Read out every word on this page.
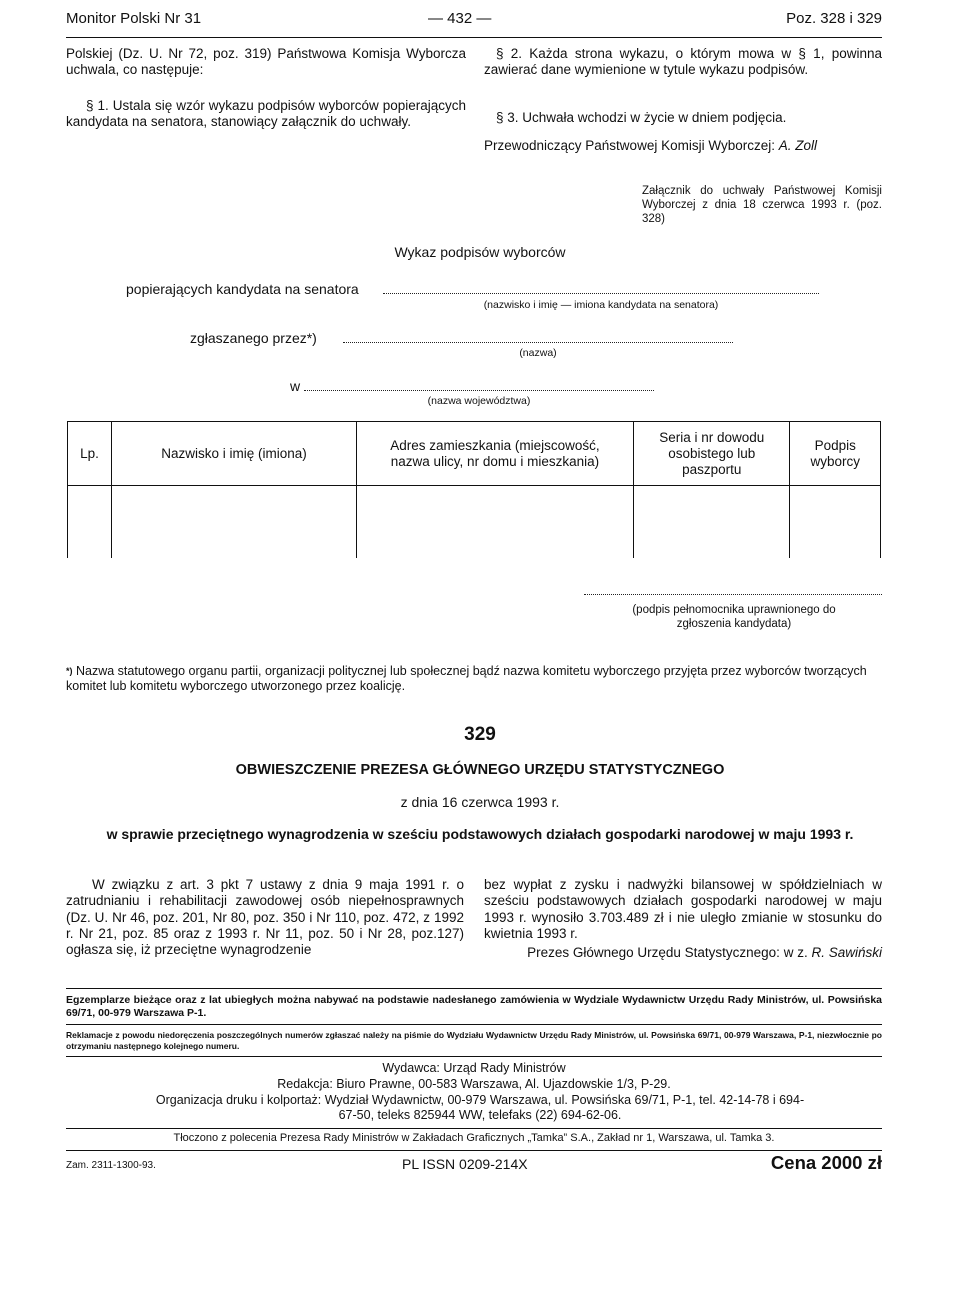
Monitor Polski Nr 31	— 432 —	Poz. 328 i 329

Polskiej (Dz. U. Nr 72, poz. 319) Państwowa Komisja Wyborcza uchwala, co następuje:

§ 1. Ustala się wzór wykazu podpisów wyborców popierających kandydata na senatora, stanowiący załącznik do uchwały.

§ 2. Każda strona wykazu, o którym mowa w § 1, powinna zawierać dane wymienione w tytule wykazu podpisów.

§ 3. Uchwała wchodzi w życie w dniem podjęcia.

Przewodniczący Państwowej Komisji Wyborczej: A. Zoll

Załącznik do uchwały Państwowej Komisji Wyborczej z dnia 18 czerwca 1993 r. (poz. 328)

Wykaz podpisów wyborców
popierających kandydata na senatora
(nazwisko i imię — imiona kandydata na senatora)
zgłaszanego przez*)
(nazwa)
w
(nazwa województwa)
Lp.	Nazwisko i imię (imiona)	Adres zamieszkania (miejscowość, nazwa ulicy, nr domu i mieszkania)	Seria i nr dowodu osobistego lub paszportu	Podpis wyborcy

(podpis pełnomocnika uprawnionego do zgłoszenia kandydata)
*) Nazwa statutowego organu partii, organizacji politycznej lub społecznej bądź nazwa komitetu wyborczego przyjęta przez wyborców tworzących komitet lub komitetu wyborczego utworzonego przez koalicję.
329
OBWIESZCZENIE PREZESA GŁÓWNEGO URZĘDU STATYSTYCZNEGO
z dnia 16 czerwca 1993 r.
w sprawie przeciętnego wynagrodzenia w sześciu podstawowych działach gospodarki narodowej w maju 1993 r.

W związku z art. 3 pkt 7 ustawy z dnia 9 maja 1991 r. o zatrudnianiu i rehabilitacji zawodowej osób niepełnosprawnych (Dz. U. Nr 46, poz. 201, Nr 80, poz. 350 i Nr 110, poz. 472, z 1992 r. Nr 21, poz. 85 oraz z 1993 r. Nr 11, poz. 50 i Nr 28, poz.127) ogłasza się, iż przeciętne wynagrodzenie

bez wypłat z zysku i nadwyżki bilansowej w spółdzielniach w sześciu podstawowych działach gospodarki narodowej w maju 1993 r. wynosiło 3.703.489 zł i nie uległo zmianie w stosunku do kwietnia 1993 r.

Prezes Głównego Urzędu Statystycznego: w z. R. Sawiński

Egzemplarze bieżące oraz z lat ubiegłych można nabywać na podstawie nadesłanego zamówienia w Wydziale Wydawnictw Urzędu Rady Ministrów, ul. Powsińska 69/71, 00-979 Warszawa P-1.

Reklamacje z powodu niedoręczenia poszczególnych numerów zgłaszać należy na piśmie do Wydziału Wydawnictw Urzędu Rady Ministrów, ul. Powsińska 69/71, 00-979 Warszawa, P-1, niezwłocznie po otrzymaniu następnego kolejnego numeru.

Wydawca: Urząd Rady Ministrów
Redakcja: Biuro Prawne, 00-583 Warszawa, Al. Ujazdowskie 1/3, P-29.
Organizacja druku i kolportaż: Wydział Wydawnictw, 00-979 Warszawa, ul. Powsińska 69/71, P-1, tel. 42-14-78 i 694-67-50, teleks 825944 WW, telefaks (22) 694-62-06.
Tłoczono z polecenia Prezesa Rady Ministrów w Zakładach Graficznych „Tamka” S.A., Zakład nr 1, Warszawa, ul. Tamka 3.
Zam. 2311-1300-93.	PL ISSN 0209-214X	Cena 2000 zł
